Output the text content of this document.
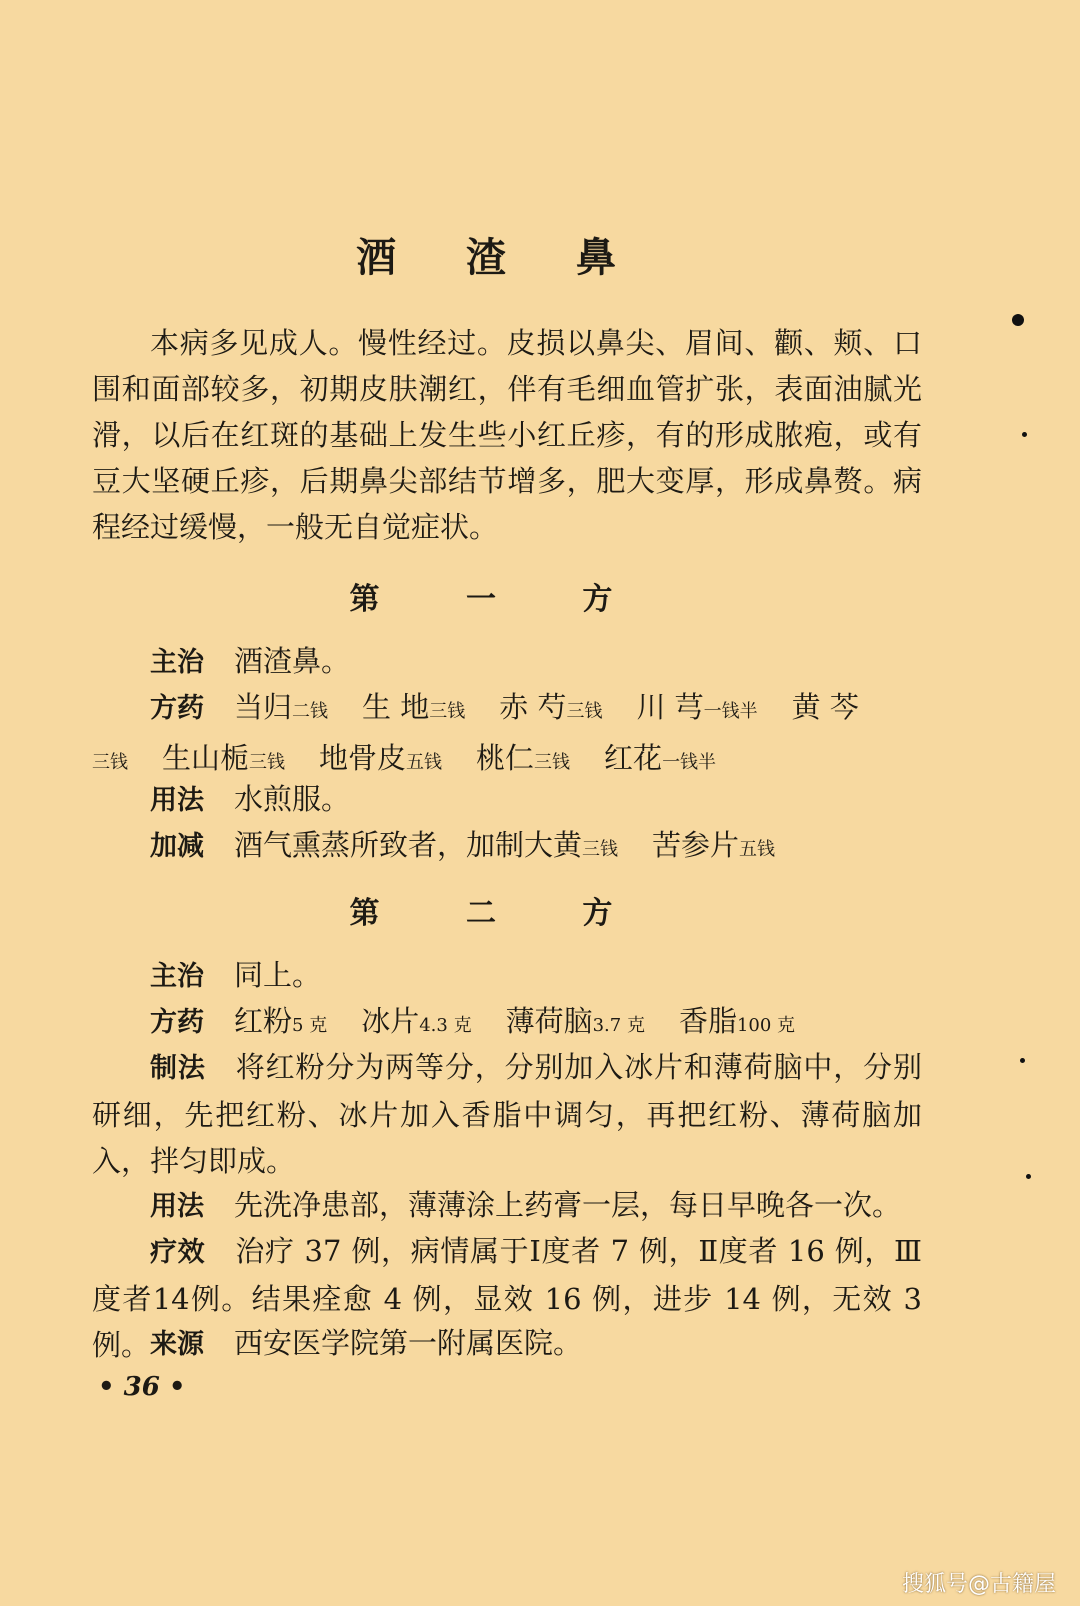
酒 渣 鼻
本病多见成人。慢性经过。皮损以鼻尖、眉间、颧、颊、口围和面部较多，初期皮肤潮红，伴有毛细血管扩张，表面油腻光滑，以后在红斑的基础上发生些小红丘疹，有的形成脓疱，或有豆大坚硬丘疹，后期鼻尖部结节增多，肥大变厚，形成鼻赘。病程经过缓慢，一般无自觉症状。
第 一 方
主治 酒渣鼻。
方药 当归二钱 生 地三钱 赤 芍三钱 川 芎一钱半 黄 芩
三钱 生山栀三钱 地骨皮五钱 桃仁三钱 红花一钱半
用法 水煎服。
加减 酒气熏蒸所致者，加制大黄三钱 苦参片五钱
第 二 方
主治 同上。
方药 红粉5 克 冰片4.3 克 薄荷脑3.7 克 香脂100 克
制法 将红粉分为两等分，分别加入冰片和薄荷脑中，分别研细，先把红粉、冰片加入香脂中调匀，再把红粉、薄荷脑加入，拌匀即成。
用法 先洗净患部，薄薄涂上药膏一层，每日早晚各一次。
疗效 治疗 37 例，病情属于Ⅰ度者 7 例，Ⅱ度者 16 例，Ⅲ度者14例。结果痊愈 4 例，显效 16 例，进步 14 例，无效 3 例。 来源 西安医学院第一附属医院。
• 36 •
搜狐号@古籍屋
